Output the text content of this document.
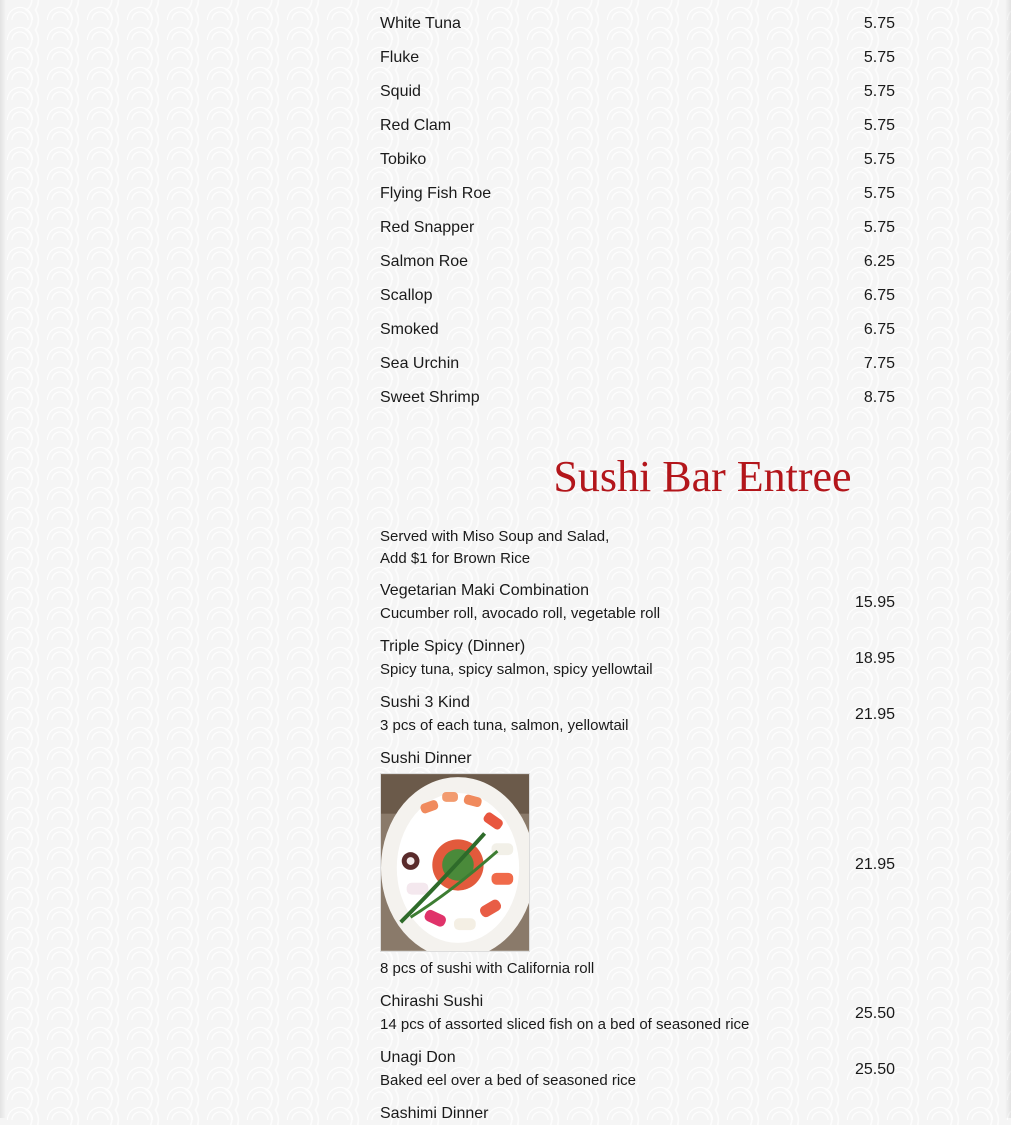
White Tuna	5.75
Fluke	5.75
Squid	5.75
Red Clam	5.75
Tobiko	5.75
Flying Fish Roe	5.75
Red Snapper	5.75
Salmon Roe	6.25
Scallop	6.75
Smoked	6.75
Sea Urchin	7.75
Sweet Shrimp	8.75
Sushi Bar Entree
Served with Miso Soup and Salad,
Add $1 for Brown Rice
Vegetarian Maki Combination
Cucumber roll, avocado roll, vegetable roll
15.95
Triple Spicy (Dinner)
Spicy tuna, spicy salmon, spicy yellowtail
18.95
Sushi 3 Kind
3 pcs of each tuna, salmon, yellowtail
21.95
Sushi Dinner
8 pcs of sushi with California roll
21.95
Chirashi Sushi
14 pcs of assorted sliced fish on a bed of seasoned rice
25.50
Unagi Don
Baked eel over a bed of seasoned rice
25.50
Sashimi Dinner
